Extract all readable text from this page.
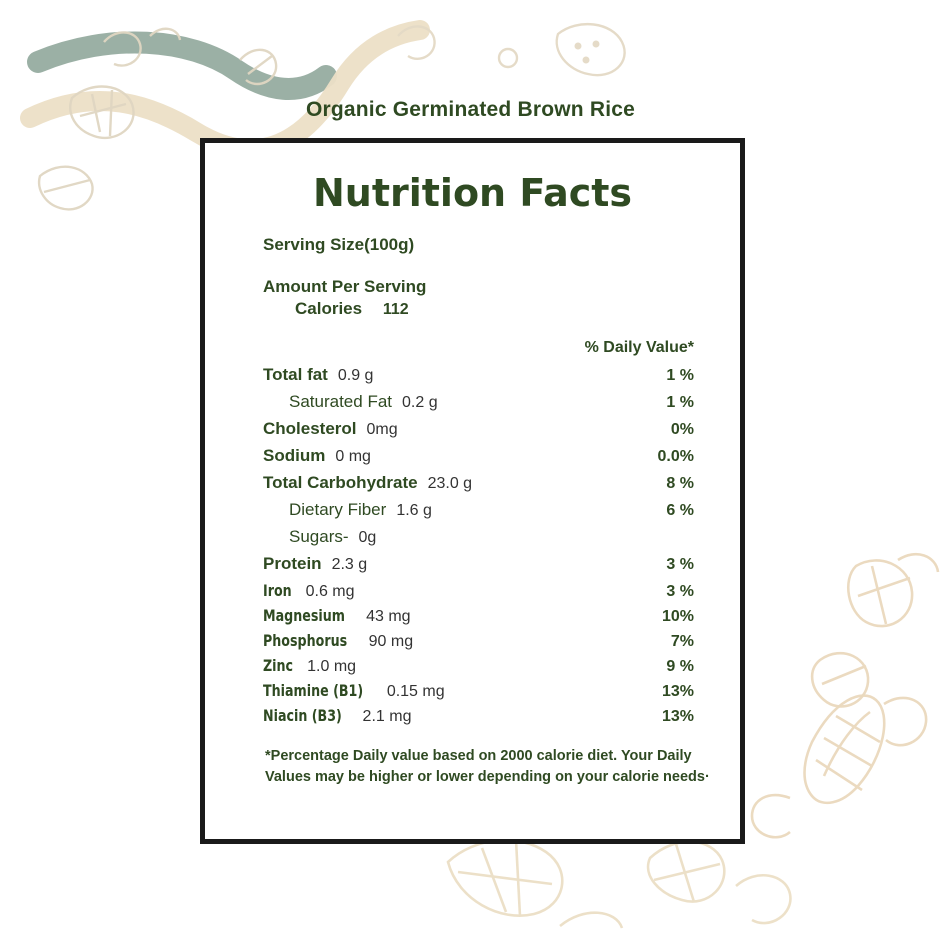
Organic Germinated Brown Rice
Nutrition Facts
Serving Size(100g)
Amount Per Serving
Calories 112
% Daily Value*
Total fat 0.9 g	1 %
Saturated Fat 0.2 g	1 %
Cholesterol 0mg	0%
Sodium 0 mg	0.0%
Total Carbohydrate 23.0 g	8 %
Dietary Fiber 1.6 g	6 %
Sugars- 0g
Protein 2.3 g	3 %
Iron 0.6 mg	3 %
Magnesium 43 mg	10%
Phosphorus 90 mg	7%
Zinc 1.0 mg	9 %
Thiamine (B1) 0.15 mg	13%
Niacin (B3) 2.1 mg	13%
*Percentage Daily value based on 2000 calorie diet. Your Daily Values may be higher or lower depending on your calorie needs·
